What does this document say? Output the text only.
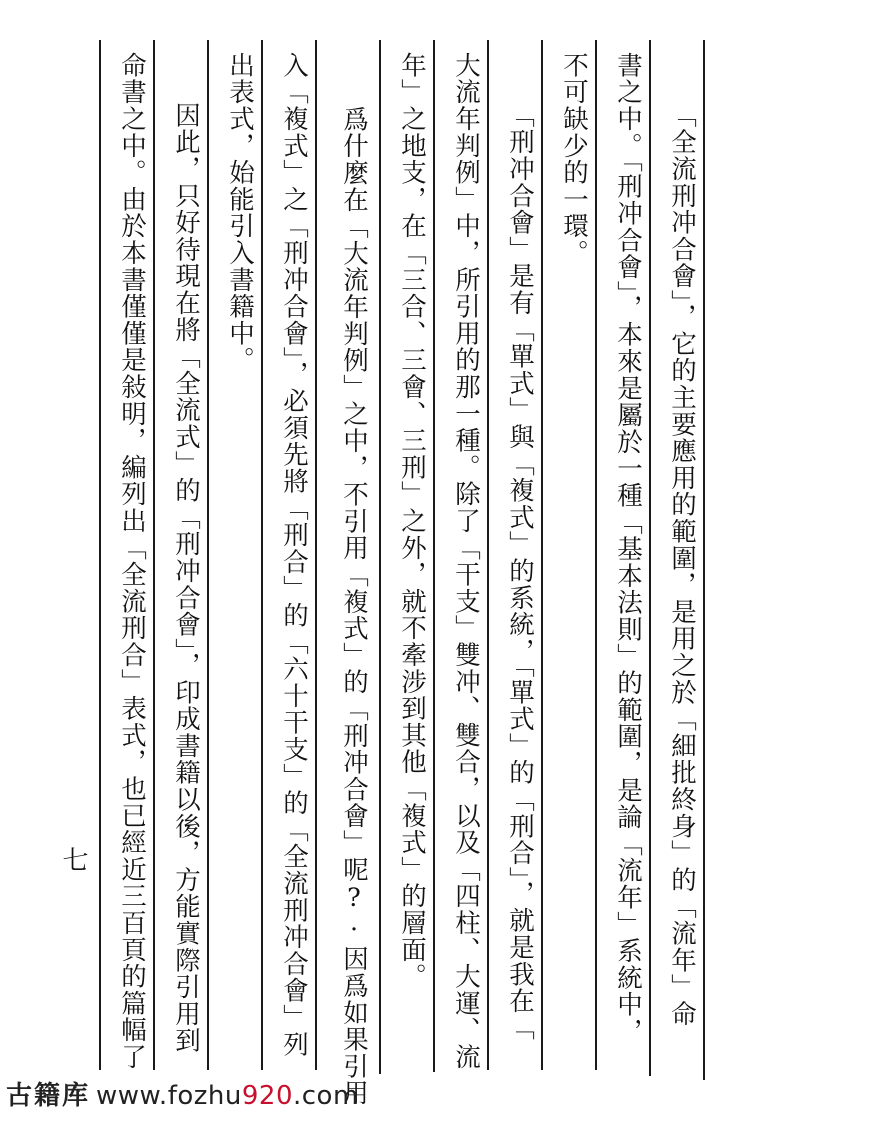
「全流刑冲合會」，它的主要應用的範圍，是用之於「細批終身」的「流年」命
書之中。「刑冲合會」，本來是屬於一種「基本法則」的範圍，是論「流年」系統中，
不可缺少的一環。
「刑冲合會」是有「單式」與「複式」的系統，「單式」的「刑合」，就是我在「
大流年判例」中，所引用的那一種。除了「干支」雙冲、雙合，以及「四柱、大運、流
年」之地支，在「三合、三會、三刑」之外，就不牽涉到其他「複式」的層面。
爲什麼在「大流年判例」之中，不引用「複式」的「刑冲合會」呢?·因爲如果引用
入「複式」之「刑冲合會」，必須先將「刑合」的「六十干支」的「全流刑冲合會」列
出表式，始能引入書籍中。
因此，只好待現在將「全流式」的「刑冲合會」，印成書籍以後，方能實際引用到
命書之中。由於本書僅僅是敍明，編列出「全流刑合」表式，也已經近三百頁的篇幅了
七
古籍库 www.fozhu920.com
